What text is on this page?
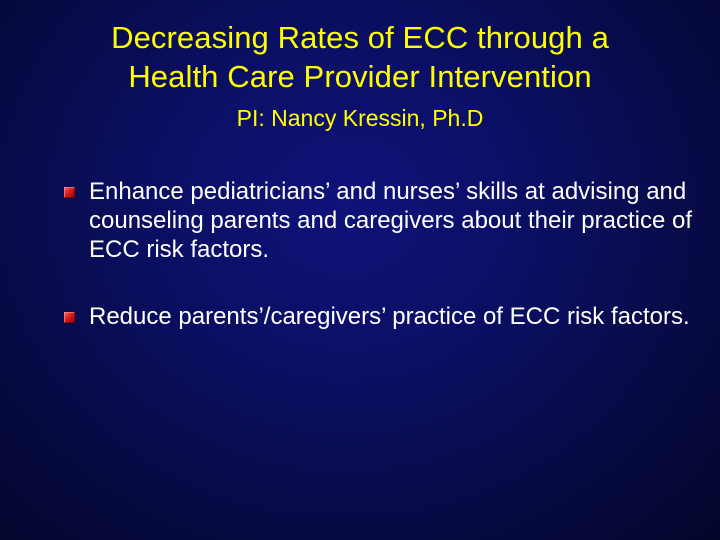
Decreasing Rates of ECC through a
Health Care Provider Intervention
PI: Nancy Kressin, Ph.D
Enhance pediatricians’ and nurses’ skills at advising and counseling parents and caregivers about their practice of ECC risk factors.
Reduce parents’/caregivers’ practice of ECC risk factors.
